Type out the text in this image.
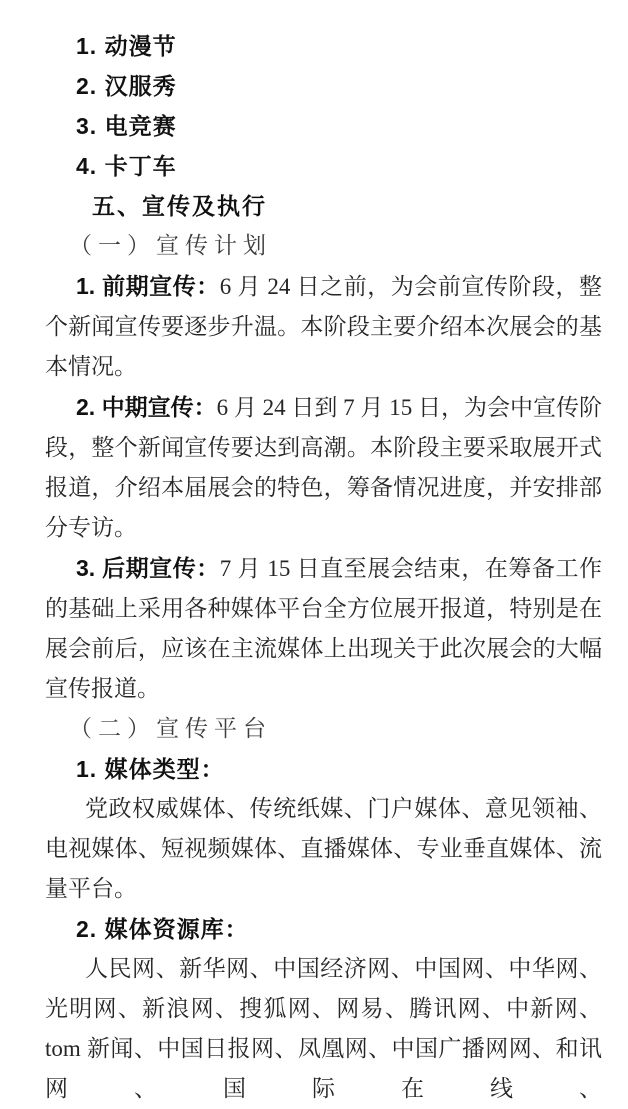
1. 动漫节

2. 汉服秀

3. 电竞赛

4. 卡丁车

五、宣传及执行

（一）宣传计划

1. 前期宣传：6 月 24 日之前，为会前宣传阶段，整个新闻宣传要逐步升温。本阶段主要介绍本次展会的基本情况。

2. 中期宣传：6 月 24 日到 7 月 15 日，为会中宣传阶段，整个新闻宣传要达到高潮。本阶段主要采取展开式报道，介绍本届展会的特色，筹备情况进度，并安排部分专访。

3. 后期宣传：7 月 15 日直至展会结束，在筹备工作的基础上采用各种媒体平台全方位展开报道，特别是在展会前后，应该在主流媒体上出现关于此次展会的大幅宣传报道。

（二）宣传平台

1. 媒体类型：

党政权威媒体、传统纸媒、门户媒体、意见领袖、电视媒体、短视频媒体、直播媒体、专业垂直媒体、流量平台。

2. 媒体资源库：

人民网、新华网、中国经济网、中国网、中华网、光明网、新浪网、搜狐网、网易、腾讯网、中新网、tom 新闻、中国日报网、凤凰网、中国广播网网、和讯网、国际在线、
